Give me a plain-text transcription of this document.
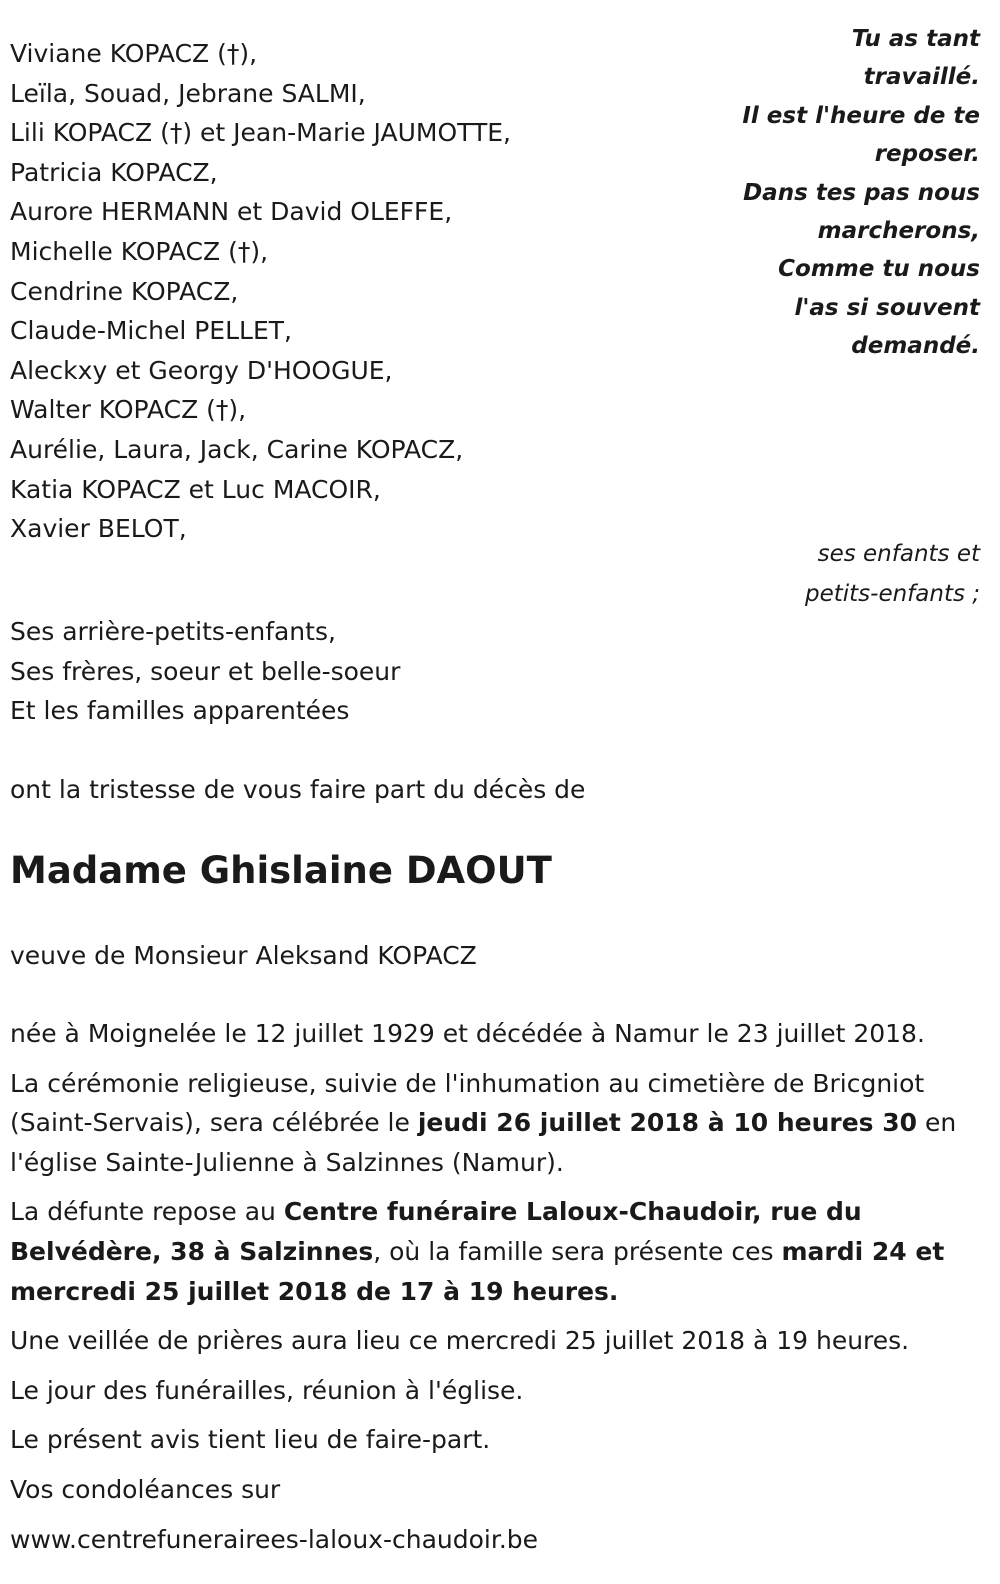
Viviane KOPACZ (†),
Leïla, Souad, Jebrane SALMI,
Lili KOPACZ (†) et Jean-Marie JAUMOTTE,
Patricia KOPACZ,
Aurore HERMANN et David OLEFFE,
Michelle KOPACZ (†),
Cendrine KOPACZ,
Claude-Michel PELLET,
Aleckxy et Georgy D'HOOGUE,
Walter KOPACZ (†),
Aurélie, Laura, Jack, Carine KOPACZ,
Katia KOPACZ et Luc MACOIR,
Xavier BELOT,
Tu as tant
travaillé.
Il est l'heure de te
reposer.
Dans tes pas nous
marcherons,
Comme tu nous
l'as si souvent
demandé.
ses enfants et
petits-enfants ;
Ses arrière-petits-enfants,
Ses frères, soeur et belle-soeur
Et les familles apparentées
ont la tristesse de vous faire part du décès de
Madame Ghislaine DAOUT
veuve de Monsieur Aleksand KOPACZ

née à Moignelée le 12 juillet 1929 et décédée à Namur le 23 juillet 2018.

La cérémonie religieuse, suivie de l'inhumation au cimetière de Bricgniot (Saint-Servais), sera célébrée le jeudi 26 juillet 2018 à 10 heures 30 en l'église Sainte-Julienne à Salzinnes (Namur).

La défunte repose au Centre funéraire Laloux-Chaudoir, rue du Belvédère, 38 à Salzinnes, où la famille sera présente ces mardi 24 et mercredi 25 juillet 2018 de 17 à 19 heures.

Une veillée de prières aura lieu ce mercredi 25 juillet 2018 à 19 heures.

Le jour des funérailles, réunion à l'église.

Le présent avis tient lieu de faire-part.

Vos condoléances sur

www.centrefunerairees-laloux-chaudoir.be
